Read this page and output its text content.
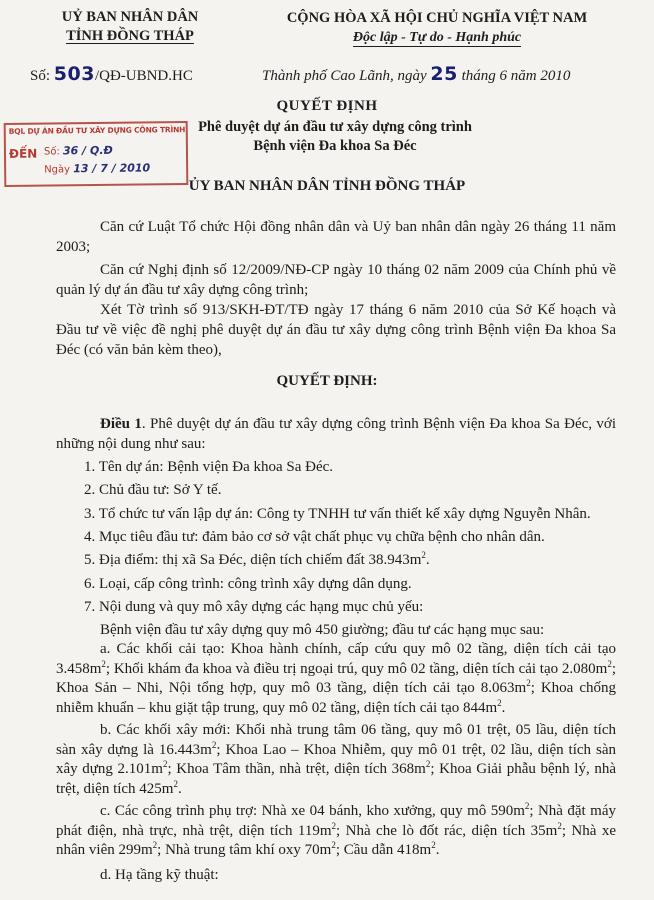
UỶ BAN NHÂN DÂN
TỈNH ĐỒNG THÁP
CỘNG HÒA XÃ HỘI CHỦ NGHĨA VIỆT NAM
Độc lập - Tự do - Hạnh phúc
Số: 503/QĐ-UBND.HC	Thành phố Cao Lãnh, ngày 25 tháng 6 năm 2010
QUYẾT ĐỊNH
Phê duyệt dự án đầu tư xây dựng công trình Bệnh viện Đa khoa Sa Đéc
BQL DỰ ÁN ĐẦU TƯ XÂY DỰNG CÔNG TRÌNH
ĐẾN Số: 36 / Q.Đ
Ngày 13 / 7 / 2010
ỦY BAN NHÂN DÂN TỈNH ĐỒNG THÁP

Căn cứ Luật Tổ chức Hội đồng nhân dân và Uỷ ban nhân dân ngày 26 tháng 11 năm 2003;

Căn cứ Nghị định số 12/2009/NĐ-CP ngày 10 tháng 02 năm 2009 của Chính phủ về quản lý dự án đầu tư xây dựng công trình;

Xét Tờ trình số 913/SKH-ĐT/TĐ ngày 17 tháng 6 năm 2010 của Sở Kế hoạch và Đầu tư về việc đề nghị phê duyệt dự án đầu tư xây dựng công trình Bệnh viện Đa khoa Sa Đéc (có văn bản kèm theo),

QUYẾT ĐỊNH:

Điều 1. Phê duyệt dự án đầu tư xây dựng công trình Bệnh viện Đa khoa Sa Đéc, với những nội dung như sau:

1. Tên dự án: Bệnh viện Đa khoa Sa Đéc.

2. Chủ đầu tư: Sở Y tế.

3. Tổ chức tư vấn lập dự án: Công ty TNHH tư vấn thiết kế xây dựng Nguyễn Nhân.

4. Mục tiêu đầu tư: đảm bảo cơ sở vật chất phục vụ chữa bệnh cho nhân dân.

5. Địa điểm: thị xã Sa Đéc, diện tích chiếm đất $38.943m^2$.

6. Loại, cấp công trình: công trình xây dựng dân dụng.

7. Nội dung và quy mô xây dựng các hạng mục chủ yếu:

Bệnh viện đầu tư xây dựng quy mô 450 giường; đầu tư các hạng mục sau:

a. Các khối cải tạo: Khoa hành chính, cấp cứu quy mô 02 tầng, diện tích cải tạo $3.458m^2$; Khối khám đa khoa và điều trị ngoại trú, quy mô 02 tầng, diện tích cải tạo $2.080m^2$; Khoa Sản – Nhi, Nội tổng hợp, quy mô 03 tầng, diện tích cải tạo $8.063m^2$; Khoa chống nhiễm khuẩn – khu giặt tập trung, quy mô 02 tầng, diện tích cải tạo $844m^2$.

b. Các khối xây mới: Khối nhà trung tâm 06 tầng, quy mô 01 trệt, 05 lầu, diện tích sàn xây dựng là $16.443m^2$; Khoa Lao – Khoa Nhiễm, quy mô 01 trệt, 02 lầu, diện tích sàn xây dựng $2.101m^2$; Khoa Tâm thần, nhà trệt, diện tích $368m^2$; Khoa Giải phẫu bệnh lý, nhà trệt, diện tích $425m^2$.

c. Các công trình phụ trợ: Nhà xe 04 bánh, kho xưởng, quy mô $590m^2$; Nhà đặt máy phát điện, nhà trực, nhà trệt, diện tích $119m^2$; Nhà che lò đốt rác, diện tích $35m^2$; Nhà xe nhân viên $299m^2$; Nhà trung tâm khí oxy $70m^2$; Cầu dẫn $418m^2$.

d. Hạ tầng kỹ thuật:
